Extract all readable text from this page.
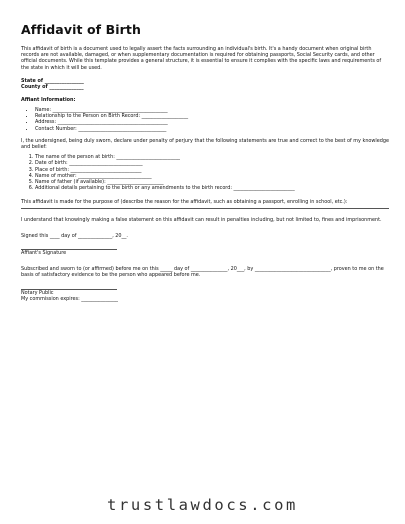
Affidavit of Birth

This affidavit of birth is a document used to legally assert the facts surrounding an individual's birth. It's a handy document when original birth records are not available, damaged, or when supplementary documentation is required for obtaining passports, Social Security cards, and other official documents. While this template provides a general structure, it is essential to ensure it complies with the specific laws and requirements of the state in which it will be used.

State of ________________
County of ______________
Affiant Information:
• Name: _______________________________________________
• Relationship to the Person on Birth Record: ___________________
• Address: _____________________________________________
• Contact Number: ____________________________________

I, the undersigned, being duly sworn, declare under penalty of perjury that the following statements are true and correct to the best of my knowledge and belief:

1. The name of the person at birth: __________________________
2. Date of birth: ______________________________
3. Place of birth: _____________________________
4. Name of mother: ______________________________
5. Name of father (if available): _______________________
6. Additional details pertaining to the birth or any amendments to the birth record: _________________________

This affidavit is made for the purpose of (describe the reason for the affidavit, such as obtaining a passport, enrolling in school, etc.):

I understand that knowingly making a false statement on this affidavit can result in penalties including, but not limited to, fines and imprisonment.

Signed this ____ day of ______________, 20__.

Affiant's Signature

Subscribed and sworn to (or affirmed) before me on this _____ day of _______________, 20___, by _______________________________, proven to me on the basis of satisfactory evidence to be the person who appeared before me.

Notary Public

My commission expires: _______________

trustlawdocs.com
